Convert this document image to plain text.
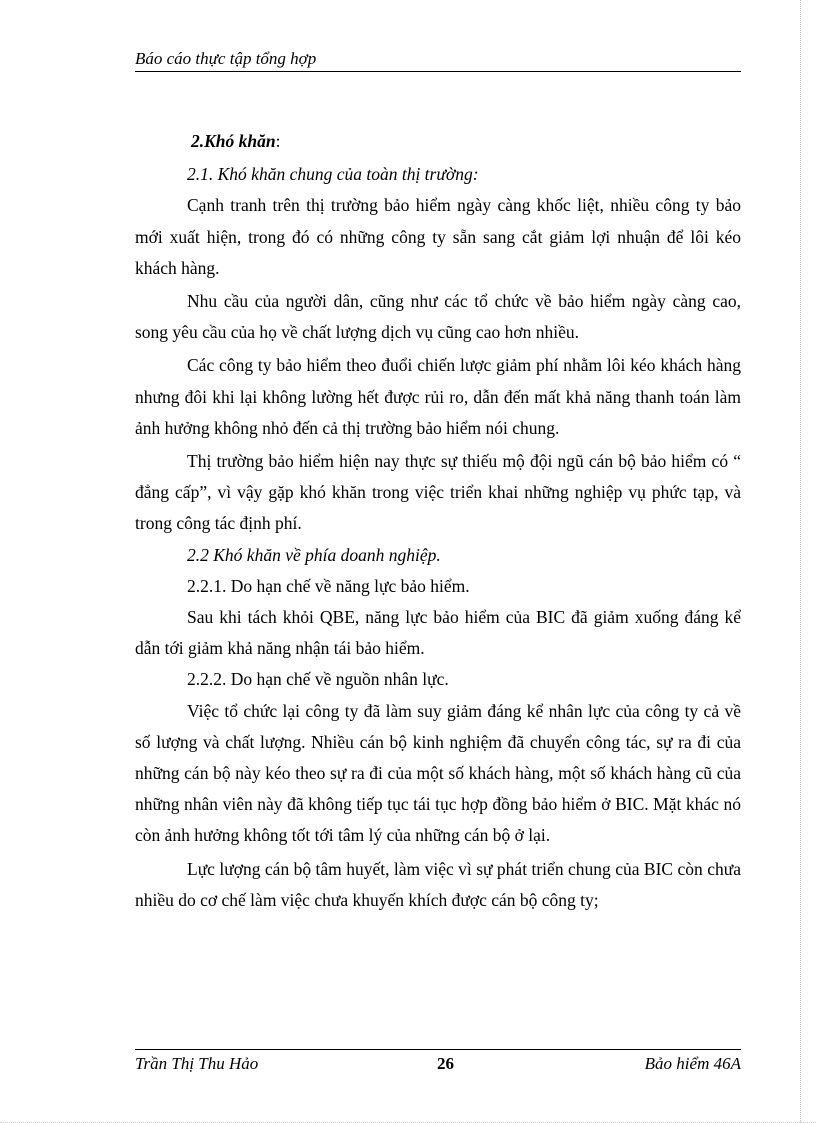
Báo cáo thực tập tổng hợp

2.Khó khăn:

2.1. Khó khăn chung của toàn thị trường:

Cạnh tranh trên thị trường bảo hiểm ngày càng khốc liệt, nhiều công ty bảo mới xuất hiện, trong đó có những công ty sẵn sang cắt giảm lợi nhuận để lôi kéo khách hàng.

Nhu cầu của người dân, cũng như các tổ chức về bảo hiểm ngày càng cao, song yêu cầu của họ về chất lượng dịch vụ cũng cao hơn nhiều.

Các công ty bảo hiểm theo đuổi chiến lược giảm phí nhằm lôi kéo khách hàng nhưng đôi khi lại không lường hết được rủi ro, dẫn đến mất khả năng thanh toán làm ảnh hưởng không nhỏ đến cả thị trường bảo hiểm nói chung.

Thị trường bảo hiểm hiện nay thực sự thiếu mộ đội ngũ cán bộ bảo hiểm có “ đẳng cấp”, vì vậy gặp khó khăn trong việc triển khai những nghiệp vụ phức tạp, và trong công tác định phí.

2.2 Khó khăn về phía doanh nghiệp.

2.2.1. Do hạn chế về năng lực bảo hiểm.

Sau khi tách khỏi QBE, năng lực bảo hiểm của BIC đã giảm xuống đáng kể dẫn tới giảm khả năng nhận tái bảo hiểm.

2.2.2. Do hạn chế về nguồn nhân lực.

Việc tổ chức lại công ty đã làm suy giảm đáng kể nhân lực của công ty cả về số lượng và chất lượng. Nhiều cán bộ kinh nghiệm đã chuyển công tác, sự ra đi của những cán bộ này kéo theo sự ra đi của một số khách hàng, một số khách hàng cũ của những nhân viên này đã không tiếp tục tái tục hợp đồng bảo hiểm ở BIC. Mặt khác nó còn ảnh hưởng không tốt tới tâm lý của những cán bộ ở lại.

Lực lượng cán bộ tâm huyết, làm việc vì sự phát triển chung của BIC còn chưa nhiều do cơ chế làm việc chưa khuyến khích được cán bộ công ty;

Trần Thị Thu Hảo	26	Bảo hiểm 46A
